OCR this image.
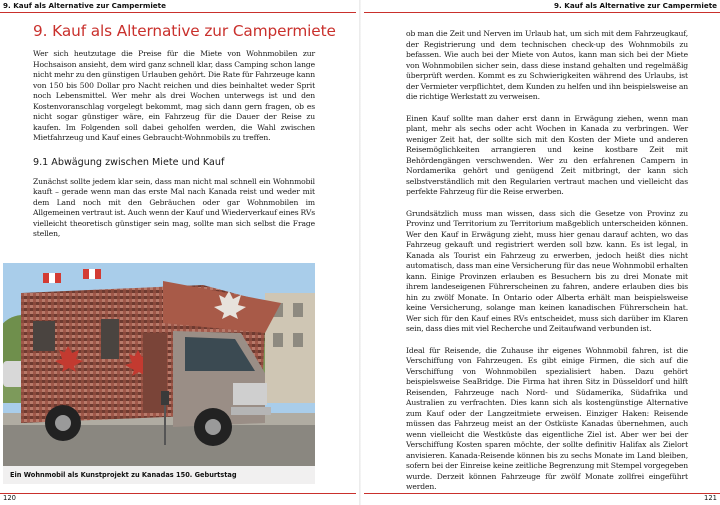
9. Kauf als Alternative zur Campermiete	9. Kauf als Alternative zur Campermiete
9. Kauf als Alternative zur Campermiete

Wer sich heutzutage die Preise für die Miete von Wohnmobilen zur Hochsaison ansieht, dem wird ganz schnell klar, dass Camping schon lange nicht mehr zu den günstigen Urlauben gehört. Die Rate für Fahrzeuge kann von 150 bis 500 Dollar pro Nacht reichen und dies beinhaltet weder Sprit noch Lebensmittel. Wer mehr als drei Wochen unterwegs ist und den Kostenvoranschlag vorgelegt bekommt, mag sich dann gern fragen, ob es nicht sogar günstiger wäre, ein Fahrzeug für die Dauer der Reise zu kaufen. Im Folgenden soll dabei geholfen werden, die Wahl zwischen Mietfahrzeug und Kauf eines Gebraucht-Wohnmobils zu treffen.

9.1 Abwägung zwischen Miete und Kauf

Zunächst sollte jedem klar sein, dass man nicht mal schnell ein Wohnmobil kauft – gerade wenn man das erste Mal nach Kanada reist und weder mit dem Land noch mit den Gebräuchen oder gar Wohnmobilen im Allgemeinen vertraut ist. Auch wenn der Kauf und Wiederverkauf eines RVs vielleicht theoretisch günstiger sein mag, sollte man sich selbst die Frage stellen,

Ein Wohnmobil als Kunstprojekt zu Kanadas 150. Geburtstag
120

ob man die Zeit und Nerven im Urlaub hat, um sich mit dem Fahrzeugkauf, der Registrierung und dem technischen check-up des Wohnmobils zu befassen. Wie auch bei der Miete von Autos, kann man sich bei der Miete von Wohnmobilen sicher sein, dass diese instand gehalten und regelmäßig überprüft werden. Kommt es zu Schwierigkeiten während des Urlaubs, ist der Vermieter verpflichtet, dem Kunden zu helfen und ihn beispielsweise an die richtige Werkstatt zu verweisen.

Einen Kauf sollte man daher erst dann in Erwägung ziehen, wenn man plant, mehr als sechs oder acht Wochen in Kanada zu verbringen. Wer weniger Zeit hat, der sollte sich mit den Kosten der Miete und anderen Reisemöglichkeiten arrangieren und keine kostbare Zeit mit Behördengängen verschwenden. Wer zu den erfahrenen Campern in Nordamerika gehört und genügend Zeit mitbringt, der kann sich selbstverständlich mit den Regularien vertraut machen und vielleicht das perfekte Fahrzeug für die Reise erwerben.

Grundsätzlich muss man wissen, dass sich die Gesetze von Provinz zu Provinz und Territorium zu Territorium maßgeblich unterscheiden können. Wer den Kauf in Erwägung zieht, muss hier genau darauf achten, wo das Fahrzeug gekauft und registriert werden soll bzw. kann. Es ist legal, in Kanada als Tourist ein Fahrzeug zu erwerben, jedoch heißt dies nicht automatisch, dass man eine Versicherung für das neue Wohnmobil erhalten kann. Einige Provinzen erlauben es Besuchern bis zu drei Monate mit ihrem landeseigenen Führerscheinen zu fahren, andere erlauben dies bis hin zu zwölf Monate. In Ontario oder Alberta erhält man beispielsweise keine Versicherung, solange man keinen kanadischen Führerschein hat. Wer sich für den Kauf eines RVs entscheidet, muss sich darüber im Klaren sein, dass dies mit viel Recherche und Zeitaufwand verbunden ist.

Ideal für Reisende, die Zuhause ihr eigenes Wohnmobil fahren, ist die Verschiffung von Fahrzeugen. Es gibt einige Firmen, die sich auf die Verschiffung von Wohnmobilen spezialisiert haben. Dazu gehört beispielsweise SeaBridge. Die Firma hat ihren Sitz in Düsseldorf und hilft Reisenden, Fahrzeuge nach Nord- und Südamerika, Südafrika und Australien zu verfrachten. Dies kann sich als kostengünstige Alternative zum Kauf oder der Langzeitmiete erweisen. Einziger Haken: Reisende müssen das Fahrzeug meist an der Ostküste Kanadas übernehmen, auch wenn vielleicht die Westküste das eigentliche Ziel ist. Aber wer bei der Verschiffung Kosten sparen möchte, der sollte definitiv Halifax als Zielort anvisieren. Kanada-Reisende können bis zu sechs Monate im Land bleiben, sofern bei der Einreise keine zeitliche Begrenzung mit Stempel vorgegeben wurde. Derzeit können Fahrzeuge für zwölf Monate zollfrei eingeführt werden.

121
